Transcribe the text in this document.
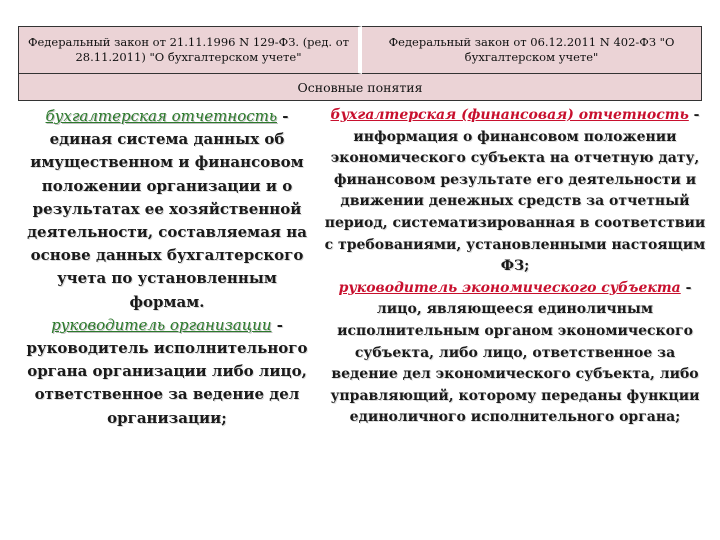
Федеральный закон от 21.11.1996 N 129-ФЗ. (ред. от 28.11.2011) "О бухгалтерском учете"
Федеральный закон от 06.12.2011 N 402-ФЗ "О бухгалтерском учете"
Основные понятия
бухгалтерская отчетность - единая система данных об имущественном и финансовом положении организации и о результатах ее хозяйственной деятельности, составляемая на основе данных бухгалтерского учета по установленным формам.
руководитель организации - руководитель исполнительного органа организации либо лицо, ответственное за ведение дел организации;
бухгалтерская (финансовая) отчетность - информация о финансовом положении экономического субъекта на отчетную дату, финансовом результате его деятельности и движении денежных средств за отчетный период, систематизированная в соответствии с требованиями, установленными настоящим ФЗ;
руководитель экономического субъекта - лицо, являющееся единоличным исполнительным органом экономического субъекта, либо лицо, ответственное за ведение дел экономического субъекта, либо управляющий, которому переданы функции единоличного исполнительного органа;
